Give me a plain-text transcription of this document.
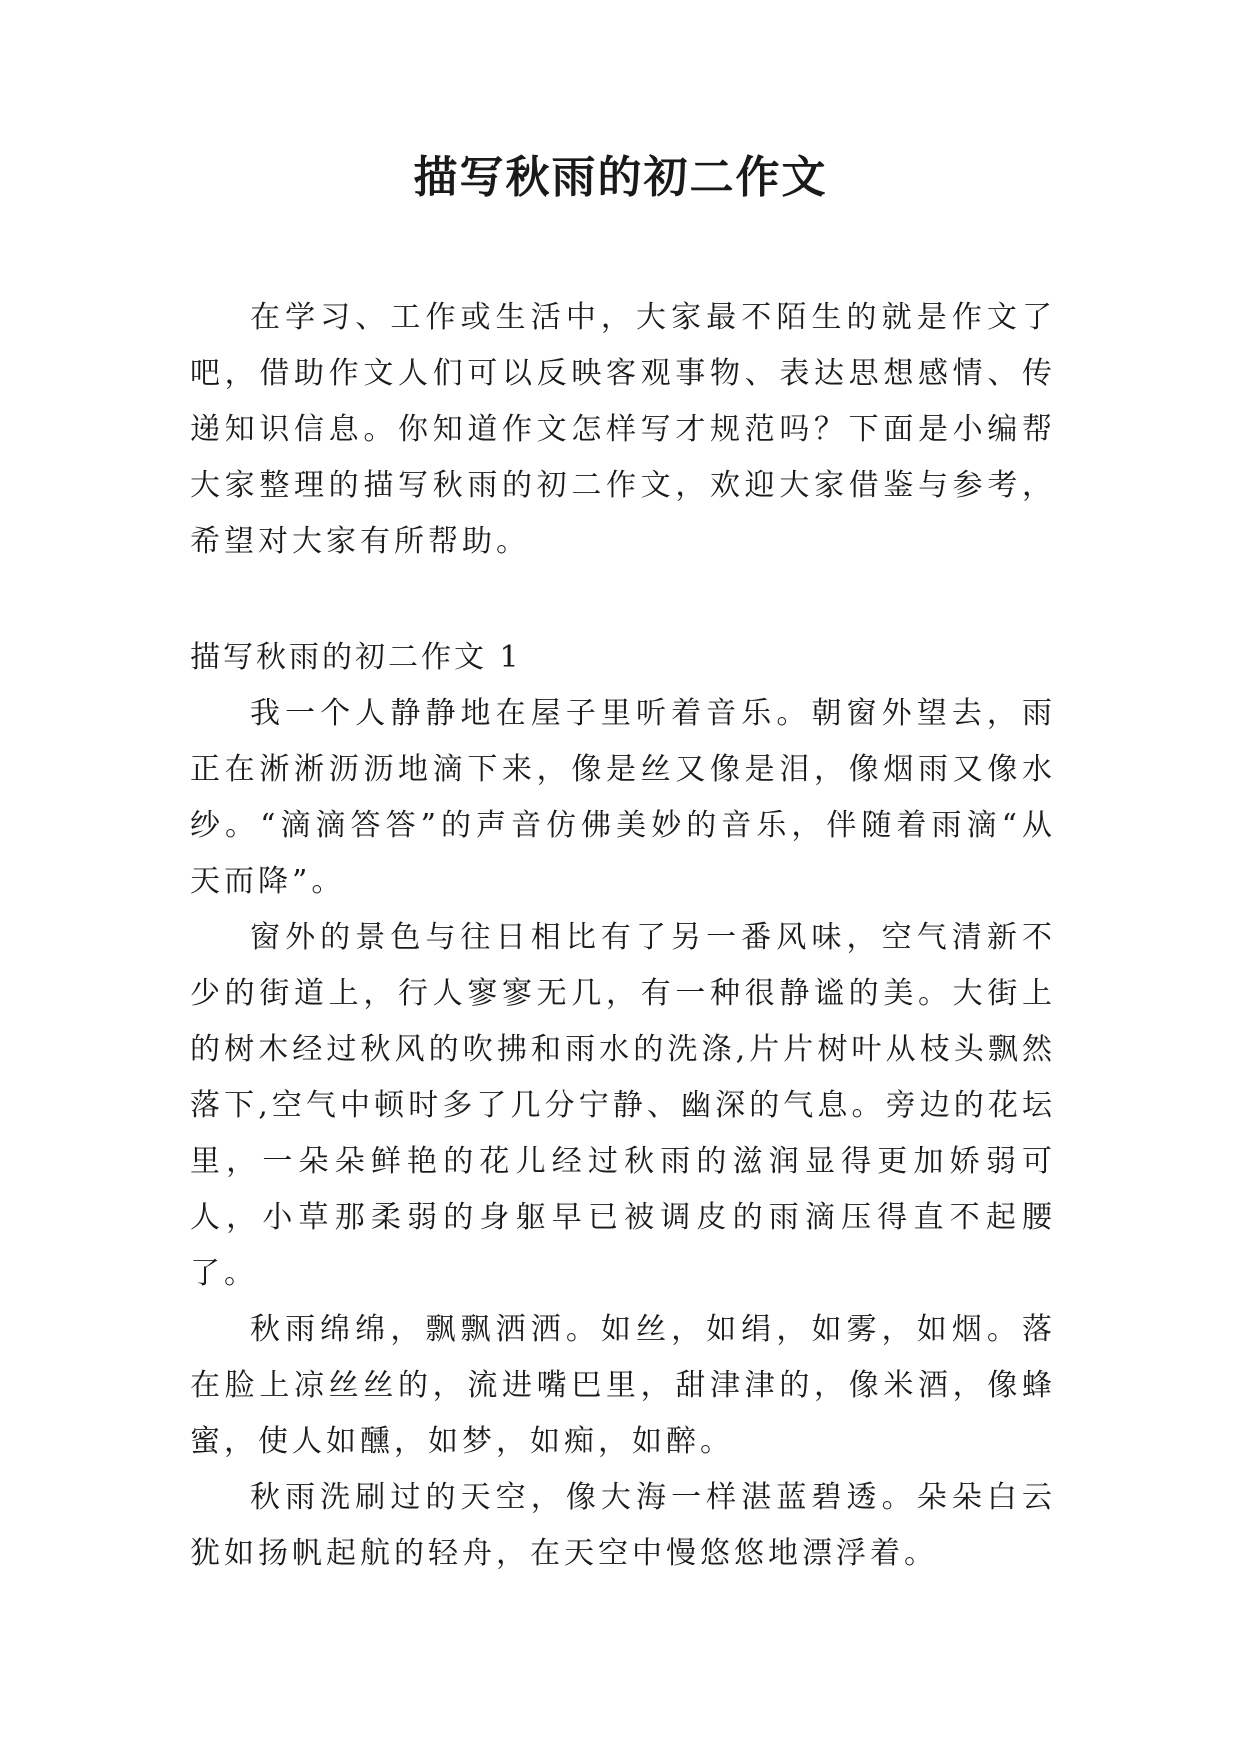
描写秋雨的初二作文

在学习、工作或生活中，大家最不陌生的就是作文了吧，借助作文人们可以反映客观事物、表达思想感情、传递知识信息。你知道作文怎样写才规范吗？下面是小编帮大家整理的描写秋雨的初二作文，欢迎大家借鉴与参考，希望对大家有所帮助。

描写秋雨的初二作文 1

我一个人静静地在屋子里听着音乐。朝窗外望去，雨正在淅淅沥沥地滴下来，像是丝又像是泪，像烟雨又像水纱。“滴滴答答”的声音仿佛美妙的音乐，伴随着雨滴“从天而降”。

窗外的景色与往日相比有了另一番风味，空气清新不少的街道上，行人寥寥无几，有一种很静谧的美。大街上的树木经过秋风的吹拂和雨水的洗涤,片片树叶从枝头飘然落下,空气中顿时多了几分宁静、幽深的气息。旁边的花坛里，一朵朵鲜艳的花儿经过秋雨的滋润显得更加娇弱可人，小草那柔弱的身躯早已被调皮的雨滴压得直不起腰了。

秋雨绵绵，飘飘洒洒。如丝，如绢，如雾，如烟。落在脸上凉丝丝的，流进嘴巴里，甜津津的，像米酒，像蜂蜜，使人如醺，如梦，如痴，如醉。

秋雨洗刷过的天空，像大海一样湛蓝碧透。朵朵白云犹如扬帆起航的轻舟，在天空中慢悠悠地漂浮着。
